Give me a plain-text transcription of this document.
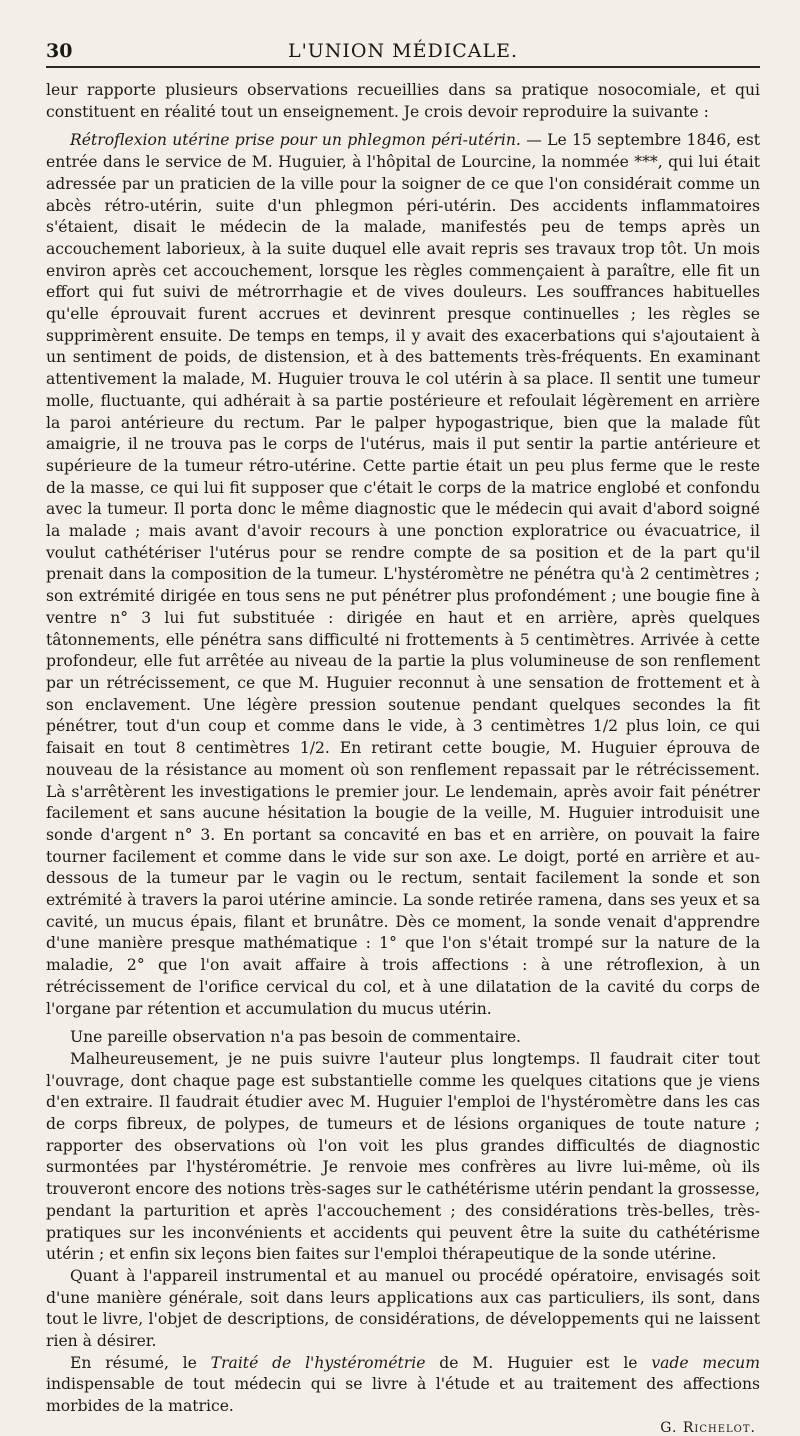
30	L'UNION MÉDICALE.

leur rapporte plusieurs observations recueillies dans sa pratique nosocomiale, et qui constituent en réalité tout un enseignement. Je crois devoir reproduire la suivante :

Rétroflexion utérine prise pour un phlegmon péri-utérin. — Le 15 septembre 1846, est entrée dans le service de M. Huguier, à l'hôpital de Lourcine, la nommée ***, qui lui était adressée par un praticien de la ville pour la soigner de ce que l'on considérait comme un abcès rétro-utérin, suite d'un phlegmon péri-utérin. Des accidents inflammatoires s'étaient, disait le médecin de la malade, manifestés peu de temps après un accouchement laborieux, à la suite duquel elle avait repris ses travaux trop tôt. Un mois environ après cet accouchement, lorsque les règles commençaient à paraître, elle fit un effort qui fut suivi de métrorrhagie et de vives douleurs. Les souffrances habituelles qu'elle éprouvait furent accrues et devinrent presque continuelles ; les règles se supprimèrent ensuite. De temps en temps, il y avait des exacerbations qui s'ajoutaient à un sentiment de poids, de distension, et à des battements très-fréquents. En examinant attentivement la malade, M. Huguier trouva le col utérin à sa place. Il sentit une tumeur molle, fluctuante, qui adhérait à sa partie postérieure et refoulait légèrement en arrière la paroi antérieure du rectum. Par le palper hypogastrique, bien que la malade fût amaigrie, il ne trouva pas le corps de l'utérus, mais il put sentir la partie antérieure et supérieure de la tumeur rétro-utérine. Cette partie était un peu plus ferme que le reste de la masse, ce qui lui fit supposer que c'était le corps de la matrice englobé et confondu avec la tumeur. Il porta donc le même diagnostic que le médecin qui avait d'abord soigné la malade ; mais avant d'avoir recours à une ponction exploratrice ou évacuatrice, il voulut cathétériser l'utérus pour se rendre compte de sa position et de la part qu'il prenait dans la composition de la tumeur. L'hystéromètre ne pénétra qu'à 2 centimètres ; son extrémité dirigée en tous sens ne put pénétrer plus profondément ; une bougie fine à ventre n° 3 lui fut substituée : dirigée en haut et en arrière, après quelques tâtonnements, elle pénétra sans difficulté ni frottements à 5 centimètres. Arrivée à cette profondeur, elle fut arrêtée au niveau de la partie la plus volumineuse de son renflement par un rétrécissement, ce que M. Huguier reconnut à une sensation de frottement et à son enclavement. Une légère pression soutenue pendant quelques secondes la fit pénétrer, tout d'un coup et comme dans le vide, à 3 centimètres 1/2 plus loin, ce qui faisait en tout 8 centimètres 1/2. En retirant cette bougie, M. Huguier éprouva de nouveau de la résistance au moment où son renflement repassait par le rétrécissement. Là s'arrêtèrent les investigations le premier jour. Le lendemain, après avoir fait pénétrer facilement et sans aucune hésitation la bougie de la veille, M. Huguier introduisit une sonde d'argent n° 3. En portant sa concavité en bas et en arrière, on pouvait la faire tourner facilement et comme dans le vide sur son axe. Le doigt, porté en arrière et au-dessous de la tumeur par le vagin ou le rectum, sentait facilement la sonde et son extrémité à travers la paroi utérine amincie. La sonde retirée ramena, dans ses yeux et sa cavité, un mucus épais, filant et brunâtre. Dès ce moment, la sonde venait d'apprendre d'une manière presque mathématique : 1° que l'on s'était trompé sur la nature de la maladie, 2° que l'on avait affaire à trois affections : à une rétroflexion, à un rétrécissement de l'orifice cervical du col, et à une dilatation de la cavité du corps de l'organe par rétention et accumulation du mucus utérin.

Une pareille observation n'a pas besoin de commentaire.

Malheureusement, je ne puis suivre l'auteur plus longtemps. Il faudrait citer tout l'ouvrage, dont chaque page est substantielle comme les quelques citations que je viens d'en extraire. Il faudrait étudier avec M. Huguier l'emploi de l'hystéromètre dans les cas de corps fibreux, de polypes, de tumeurs et de lésions organiques de toute nature ; rapporter des observations où l'on voit les plus grandes difficultés de diagnostic surmontées par l'hystérométrie. Je renvoie mes confrères au livre lui-même, où ils trouveront encore des notions très-sages sur le cathétérisme utérin pendant la grossesse, pendant la parturition et après l'accouchement ; des considérations très-belles, très-pratiques sur les inconvénients et accidents qui peuvent être la suite du cathétérisme utérin ; et enfin six leçons bien faites sur l'emploi thérapeutique de la sonde utérine.

Quant à l'appareil instrumental et au manuel ou procédé opératoire, envisagés soit d'une manière générale, soit dans leurs applications aux cas particuliers, ils sont, dans tout le livre, l'objet de descriptions, de considérations, de développements qui ne laissent rien à désirer.

En résumé, le Traité de l'hystérométrie de M. Huguier est le vade mecum indispensable de tout médecin qui se livre à l'étude et au traitement des affections morbides de la matrice.

G. Richelot.
